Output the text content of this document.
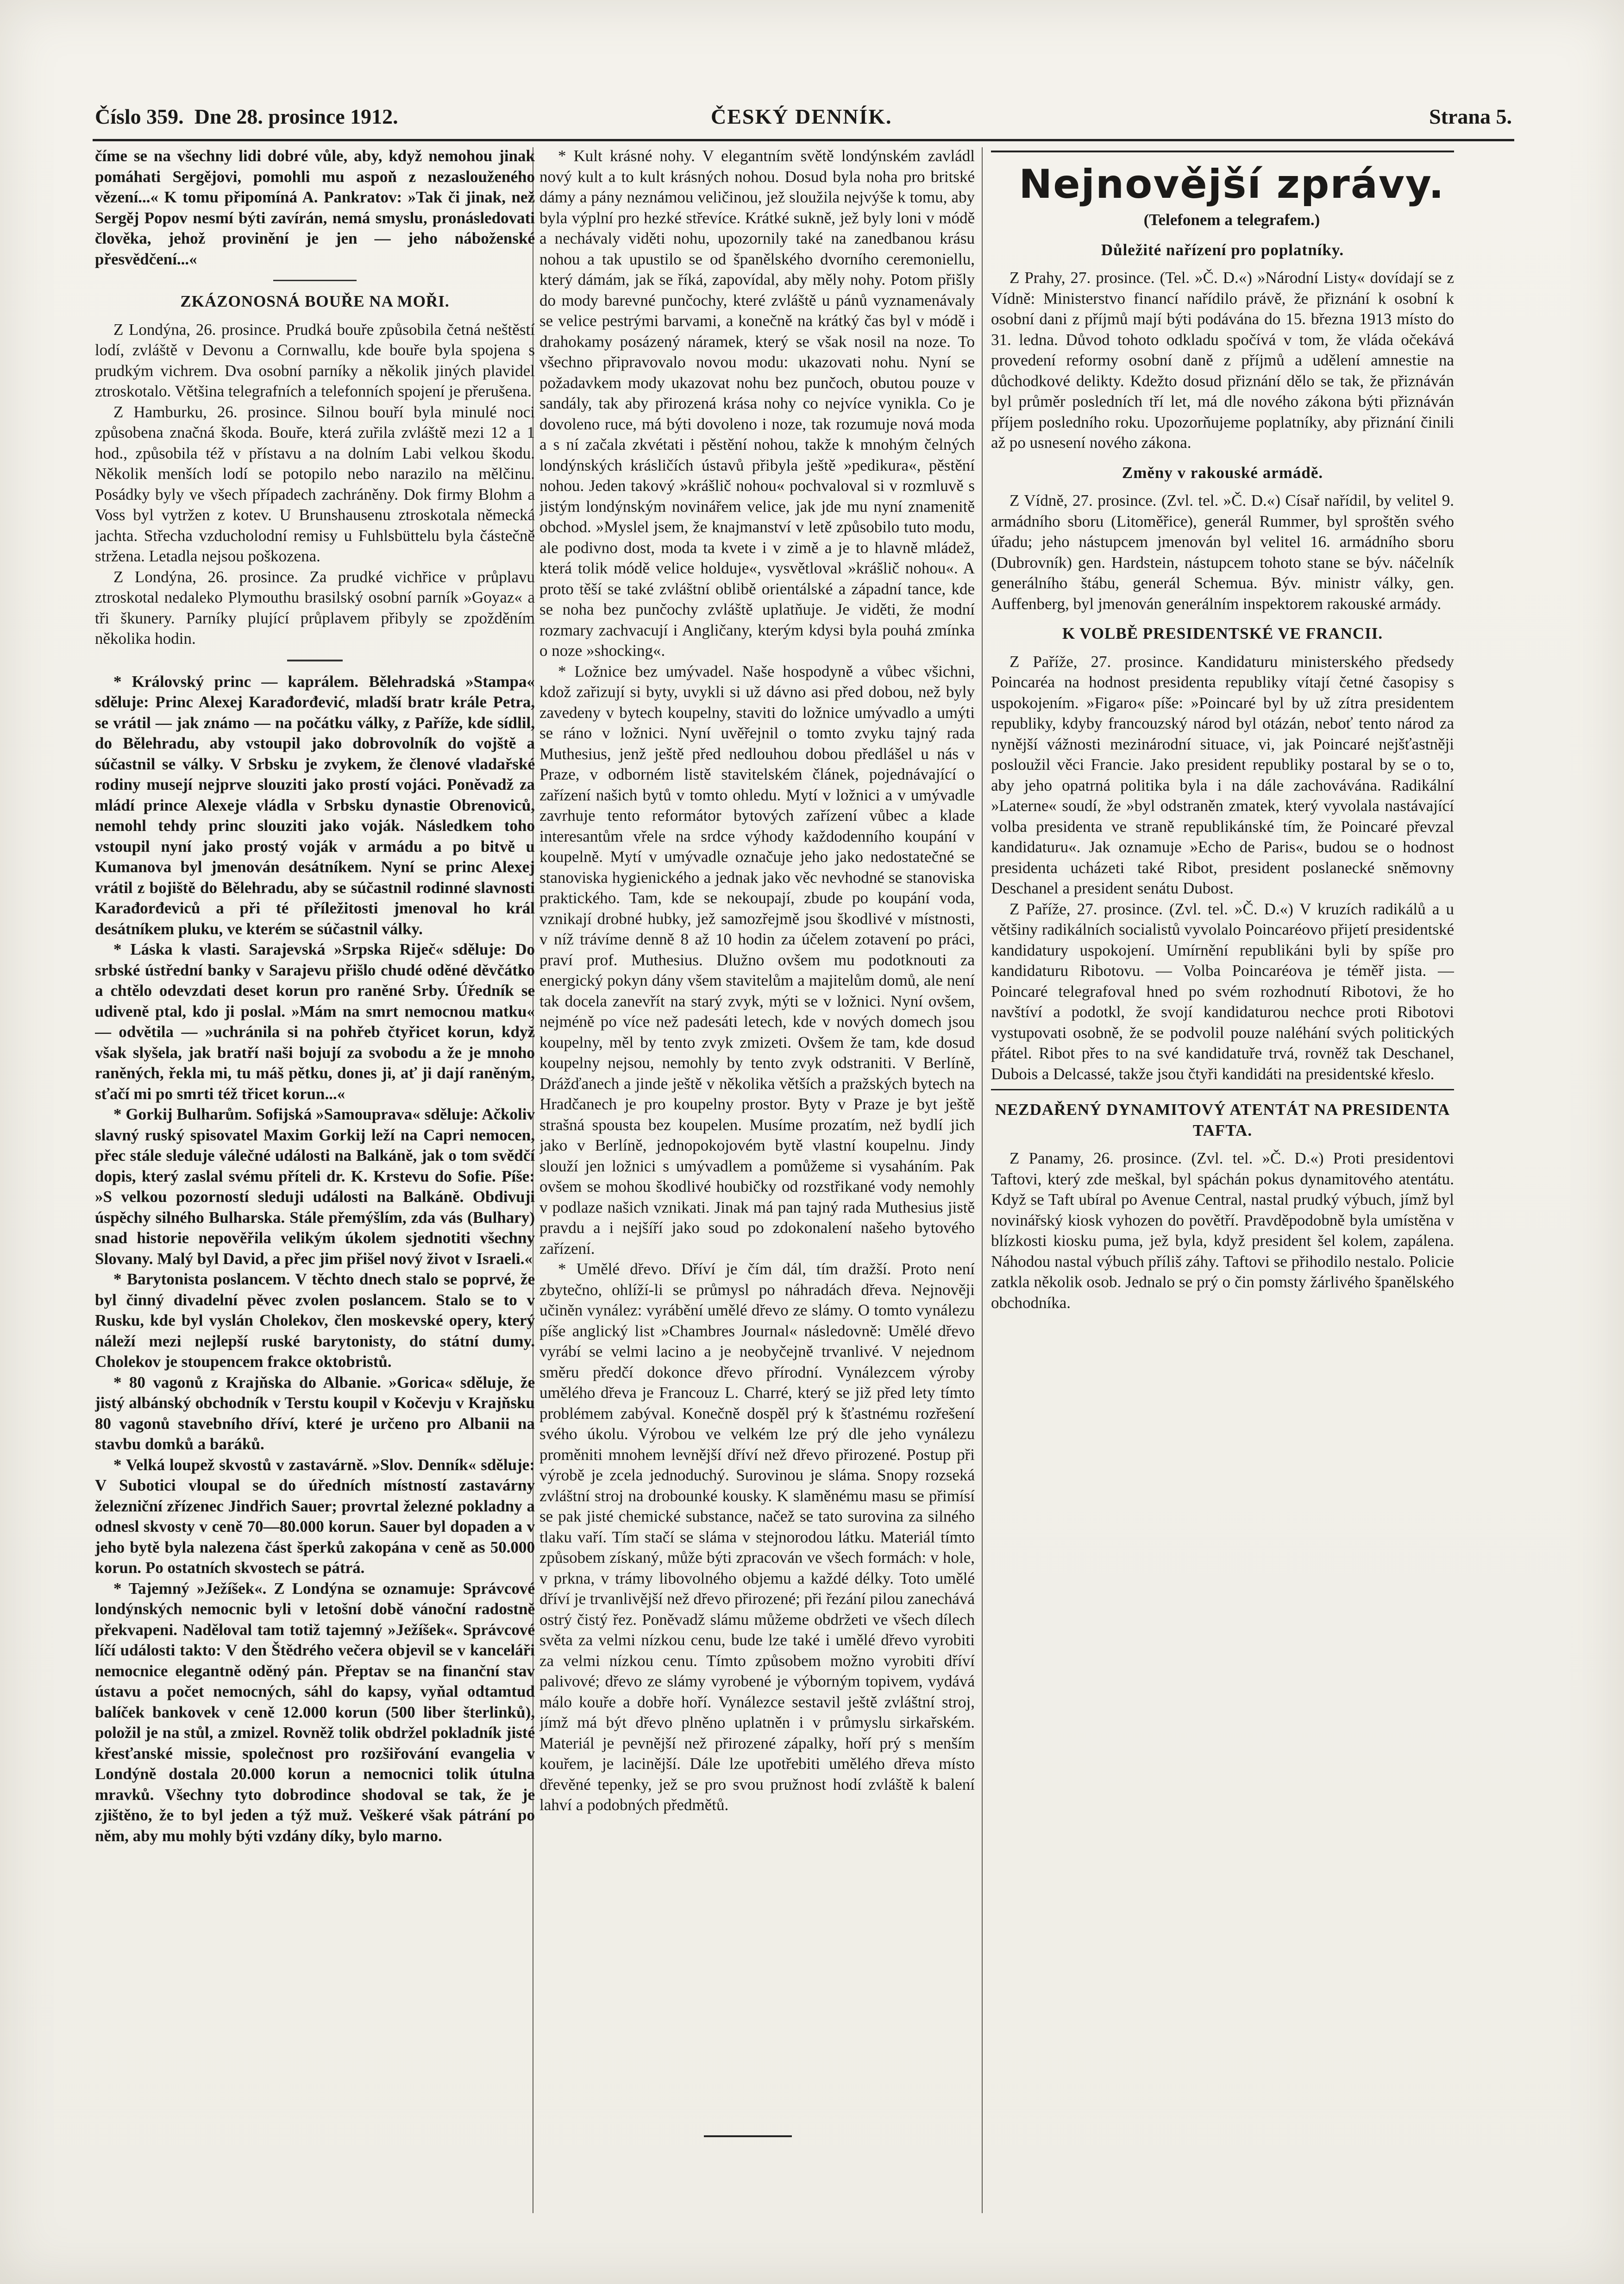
Číslo 359. Dne 28. prosince 1912.	ČESKÝ DENNÍK.	Strana 5.

číme se na všechny lidi dobré vůle, aby, když nemohou jinak pomáhati Sergějovi, pomohli mu aspoň z nezaslouženého vězení...« K tomu připomíná A. Pankratov: »Tak či jinak, než Sergěj Popov nesmí býti zavírán, nemá smyslu, pronásledovati člověka, jehož provinění je jen — jeho náboženské přesvědčení...«

ZKÁZONOSNÁ BOUŘE NA MOŘI.

Z Londýna, 26. prosince. Prudká bouře způsobila četná neštěstí lodí, zvláště v Devonu a Cornwallu, kde bouře byla spojena s prudkým vichrem. Dva osobní parníky a několik jiných plavidel ztroskotalo. Většina telegrafních a telefonních spojení je přerušena.

Z Hamburku, 26. prosince. Silnou bouří byla minulé noci způsobena značná škoda. Bouře, která zuřila zvláště mezi 12 a 1 hod., způsobila též v přístavu a na dolním Labi velkou škodu. Několik menších lodí se potopilo nebo narazilo na mělčinu. Posádky byly ve všech případech zachráněny. Dok firmy Blohm a Voss byl vytržen z kotev. U Brunshausenu ztroskotala německá jachta. Střecha vzducholodní remisy u Fuhlsbüttelu byla částečně stržena. Letadla nejsou poškozena.

Z Londýna, 26. prosince. Za prudké vichřice v průplavu ztroskotal nedaleko Plymouthu brasilský osobní parník »Goyaz« a tři škunery. Parníky plující průplavem přibyly se zpožděním několika hodin.

* Královský princ — kaprálem. Bělehradská »Stampa« sděluje: Princ Alexej Karađorđević, mladší bratr krále Petra, se vrátil — jak známo — na počátku války, z Paříže, kde sídlil, do Bělehradu, aby vstoupil jako dobrovolník do vojště a súčastnil se války. V Srbsku je zvykem, že členové vladařské rodiny musejí nejprve slouziti jako prostí vojáci. Poněvadž za mládí prince Alexeje vládla v Srbsku dynastie Obrenoviců, nemohl tehdy princ slouziti jako voják. Následkem toho vstoupil nyní jako prostý voják v armádu a po bitvě u Kumanova byl jmenován desátníkem. Nyní se princ Alexej vrátil z bojiště do Bělehradu, aby se súčastnil rodinné slavnosti Karađorđeviců a při té příležitosti jmenoval ho král desátníkem pluku, ve kterém se súčastnil války.

* Láska k vlasti. Sarajevská »Srpska Riječ« sděluje: Do srbské ústřední banky v Sarajevu přišlo chudé oděné děvčátko a chtělo odevzdati deset korun pro raněné Srby. Úředník se udiveně ptal, kdo ji poslal. »Mám na smrt nemocnou matku« — odvětila — »uchránila si na pohřeb čtyřicet korun, když však slyšela, jak bratří naši bojují za svobodu a že je mnoho raněných, řekla mi, tu máš pětku, dones ji, ať ji dají raněným, sťačí mi po smrti též třicet korun...«

* Gorkij Bulharům. Sofijská »Samouprava« sděluje: Ačkoliv slavný ruský spisovatel Maxim Gorkij leží na Capri nemocen, přec stále sleduje válečné události na Balkáně, jak o tom svědčí dopis, který zaslal svému příteli dr. K. Krstevu do Sofie. Píše: »S velkou pozorností sleduji události na Balkáně. Obdivuji úspěchy silného Bulharska. Stále přemýšlím, zda vás (Bulhary) snad historie nepověřila velikým úkolem sjednotiti všechny Slovany. Malý byl David, a přec jim přišel nový život v Israeli.«

* Barytonista poslancem. V těchto dnech stalo se poprvé, že byl činný divadelní pěvec zvolen poslancem. Stalo se to v Rusku, kde byl vyslán Cholekov, člen moskevské opery, který náleží mezi nejlepší ruské barytonisty, do státní dumy. Cholekov je stoupencem frakce oktobristů.

* 80 vagonů z Krajňska do Albanie. »Gorica« sděluje, že jistý albánský obchodník v Terstu koupil v Kočevju v Krajňsku 80 vagonů stavebního dříví, které je určeno pro Albanii na stavbu domků a baráků.

* Velká loupež skvostů v zastavárně. »Slov. Denník« sděluje: V Subotici vloupal se do úředních místností zastavárny železniční zřízenec Jindřich Sauer; provrtal železné pokladny a odnesl skvosty v ceně 70—80.000 korun. Sauer byl dopaden a v jeho bytě byla nalezena část šperků zakopána v ceně as 50.000 korun. Po ostatních skvostech se pátrá.

* Tajemný »Ježíšek«. Z Londýna se oznamuje: Správcové londýnských nemocnic byli v letošní době vánoční radostně překvapeni. Naděloval tam totiž tajemný »Ježíšek«. Správcové líčí události takto: V den Štědrého večera objevil se v kanceláři nemocnice elegantně oděný pán. Přeptav se na finanční stav ústavu a počet nemocných, sáhl do kapsy, vyňal odtamtud balíček bankovek v ceně 12.000 korun (500 liber šterlinků), položil je na stůl, a zmizel. Rovněž tolik obdržel pokladník jisté křesťanské missie, společnost pro rozšiřování evangelia v Londýně dostala 20.000 korun a nemocnici tolik útulna mravků. Všechny tyto dobrodince shodoval se tak, že je zjištěno, že to byl jeden a týž muž. Veškeré však pátrání po něm, aby mu mohly býti vzdány díky, bylo marno.

* Kult krásné nohy. V elegantním světě londýnském zavládl nový kult a to kult krásných nohou. Dosud byla noha pro britské dámy a pány neznámou veličinou, jež sloužila nejvýše k tomu, aby byla výplní pro hezké střevíce. Krátké sukně, jež byly loni v módě a nechávaly viděti nohu, upozornily také na zanedbanou krásu nohou a tak upustilo se od španělského dvorního ceremoniellu, který dámám, jak se říká, zapovídal, aby měly nohy. Potom přišly do mody barevné punčochy, které zvláště u pánů vyznamenávaly se velice pestrými barvami, a konečně na krátký čas byl v módě i drahokamy posázený náramek, který se však nosil na noze. To všechno připravovalo novou modu: ukazovati nohu. Nyní se požadavkem mody ukazovat nohu bez punčoch, obutou pouze v sandály, tak aby přirozená krása nohy co nejvíce vynikla. Co je dovoleno ruce, má býti dovoleno i noze, tak rozumuje nová moda a s ní začala zkvétati i pěstění nohou, takže k mnohým čelných londýnských krásličích ústavů přibyla ještě »pedikura«, pěstění nohou. Jeden takový »krášlič nohou« pochvaloval si v rozmluvě s jistým londýnským novinářem velice, jak jde mu nyní znamenitě obchod. »Myslel jsem, že knajmanství v letě způsobilo tuto modu, ale podivno dost, moda ta kvete i v zimě a je to hlavně mládež, která tolik módě velice holduje«, vysvětloval »krášlič nohou«. A proto těší se také zvláštní oblibě orientálské a západní tance, kde se noha bez punčochy zvláště uplatňuje. Je viděti, že modní rozmary zachvacují i Angličany, kterým kdysi byla pouhá zmínka o noze »shocking«.

* Ložnice bez umývadel. Naše hospodyně a vůbec všichni, kdož zařizují si byty, uvykli si už dávno asi před dobou, než byly zavedeny v bytech koupelny, staviti do ložnice umývadlo a umýti se ráno v ložnici. Nyní uvěřejnil o tomto zvyku tajný rada Muthesius, jenž ještě před nedlouhou dobou předlášel u nás v Praze, v odborném listě stavitelském článek, pojednávající o zařízení našich bytů v tomto ohledu. Mytí v ložnici a v umývadle zavrhuje tento reformátor bytových zařízení vůbec a klade interesantům vřele na srdce výhody každodenního koupání v koupelně. Mytí v umývadle označuje jeho jako nedostatečné se stanoviska hygienického a jednak jako věc nevhodné se stanoviska praktického. Tam, kde se nekoupají, zbude po koupání voda, vznikají drobné hubky, jež samozřejmě jsou škodlivé v místnosti, v níž trávíme denně 8 až 10 hodin za účelem zotavení po práci, praví prof. Muthesius. Dlužno ovšem mu podotknouti za energický pokyn dány všem stavitelům a majitelům domů, ale není tak docela zanevřít na starý zvyk, mýti se v ložnici. Nyní ovšem, nejméně po více než padesáti letech, kde v nových domech jsou koupelny, měl by tento zvyk zmizeti. Ovšem že tam, kde dosud koupelny nejsou, nemohly by tento zvyk odstraniti. V Berlíně, Drážďanech a jinde ještě v několika větších a pražských bytech na Hradčanech je pro koupelny prostor. Byty v Praze je byt ještě strašná spousta bez koupelen. Musíme prozatím, než bydlí jich jako v Berlíně, jednopokojovém bytě vlastní koupelnu. Jindy slouží jen ložnici s umývadlem a pomůžeme si vysaháním. Pak ovšem se mohou škodlivé houbičky od rozstřikané vody nemohly v podlaze našich vznikati. Jinak má pan tajný rada Muthesius jistě pravdu a i nejšíří jako soud po zdokonalení našeho bytového zařízení.

* Umělé dřevo. Dříví je čím dál, tím dražší. Proto není zbytečno, ohlíží-li se průmysl po náhradách dřeva. Nejnověji učiněn vynález: vyrábění umělé dřevo ze slámy. O tomto vynálezu píše anglický list »Chambres Journal« následovně: Umělé dřevo vyrábí se velmi lacino a je neobyčejně trvanlivé. V nejednom směru předčí dokonce dřevo přírodní. Vynálezcem výroby umělého dřeva je Francouz L. Charré, který se již před lety tímto problémem zabýval. Konečně dospěl prý k šťastnému rozřešení svého úkolu. Výrobou ve velkém lze prý dle jeho vynálezu proměniti mnohem levnější dříví než dřevo přirozené. Postup při výrobě je zcela jednoduchý. Surovinou je sláma. Snopy rozseká zvláštní stroj na drobounké kousky. K slaměnému masu se přimísí se pak jisté chemické substance, načež se tato surovina za silného tlaku vaří. Tím stačí se sláma v stejnorodou látku. Materiál tímto způsobem získaný, může býti zpracován ve všech formách: v hole, v prkna, v trámy libovolného objemu a každé délky. Toto umělé dříví je trvanlivější než dřevo přirozené; při řezání pilou zanechává ostrý čistý řez. Poněvadž slámu můžeme obdržeti ve všech dílech světa za velmi nízkou cenu, bude lze také i umělé dřevo vyrobiti za velmi nízkou cenu. Tímto způsobem možno vyrobiti dříví palivové; dřevo ze slámy vyrobené je výborným topivem, vydává málo kouře a dobře hoří. Vynálezce sestavil ještě zvláštní stroj, jímž má být dřevo plněno uplatněn i v průmyslu sirkařském. Materiál je pevnější než přirozené zápalky, hoří prý s menším kouřem, je lacinější. Dále lze upotřebiti umělého dřeva místo dřevěné tepenky, jež se pro svou pružnost hodí zvláště k balení lahví a podobných předmětů.

Nejnovější zprávy.

(Telefonem a telegrafem.)

Důležité nařízení pro poplatníky.

Z Prahy, 27. prosince. (Tel. »Č. D.«) »Národní Listy« dovídají se z Vídně: Ministerstvo financí nařídilo právě, že přiznání k osobní k osobní dani z příjmů mají býti podávána do 15. března 1913 místo do 31. ledna. Důvod tohoto odkladu spočívá v tom, že vláda očekává provedení reformy osobní daně z příjmů a udělení amnestie na důchodkové delikty. Kdežto dosud přiznání dělo se tak, že přiznáván byl průměr posledních tří let, má dle nového zákona býti přiznáván příjem posledního roku. Upozorňujeme poplatníky, aby přiznání činili až po usnesení nového zákona.

Změny v rakouské armádě.

Z Vídně, 27. prosince. (Zvl. tel. »Č. D.«) Císař nařídil, by velitel 9. armádního sboru (Litoměřice), generál Rummer, byl sproštěn svého úřadu; jeho nástupcem jmenován byl velitel 16. armádního sboru (Dubrovník) gen. Hardstein, nástupcem tohoto stane se býv. náčelník generálního štábu, generál Schemua. Býv. ministr války, gen. Auffenberg, byl jmenován generálním inspektorem rakouské armády.

K VOLBĚ PRESIDENTSKÉ VE FRANCII.

Z Paříže, 27. prosince. Kandidaturu ministerského předsedy Poincaréa na hodnost presidenta republiky vítají četné časopisy s uspokojením. »Figaro« píše: »Poincaré byl by už zítra presidentem republiky, kdyby francouzský národ byl otázán, neboť tento národ za nynější vážnosti mezinárodní situace, vi, jak Poincaré nejšťastněji posloužil věci Francie. Jako president republiky postaral by se o to, aby jeho opatrná politika byla i na dále zachovávána. Radikální »Laterne« soudí, že »byl odstraněn zmatek, který vyvolala nastávající volba presidenta ve straně republikánské tím, že Poincaré převzal kandidaturu«. Jak oznamuje »Echo de Paris«, budou se o hodnost presidenta ucházeti také Ribot, president poslanecké sněmovny Deschanel a president senátu Dubost.

Z Paříže, 27. prosince. (Zvl. tel. »Č. D.«) V kruzích radikálů a u většiny radikálních socialistů vyvolalo Poincaréovo přijetí presidentské kandidatury uspokojení. Umírnění republikáni byli by spíše pro kandidaturu Ribotovu. — Volba Poincaréova je téměř jista. — Poincaré telegrafoval hned po svém rozhodnutí Ribotovi, že ho navštíví a podotkl, že svojí kandidaturou nechce proti Ribotovi vystupovati osobně, že se podvolil pouze naléhání svých politických přátel. Ribot přes to na své kandidatuře trvá, rovněž tak Deschanel, Dubois a Delcassé, takže jsou čtyři kandidáti na presidentské křeslo.

NEZDAŘENÝ DYNAMITOVÝ ATENTÁT NA PRESIDENTA TAFTA.

Z Panamy, 26. prosince. (Zvl. tel. »Č. D.«) Proti presidentovi Taftovi, který zde meškal, byl spáchán pokus dynamitového atentátu. Když se Taft ubíral po Avenue Central, nastal prudký výbuch, jímž byl novinářský kiosk vyhozen do povětří. Pravděpodobně byla umístěna v blízkosti kiosku puma, jež byla, když president šel kolem, zapálena. Náhodou nastal výbuch příliš záhy. Taftovi se přihodilo nestalo. Policie zatkla několik osob. Jednalo se prý o čin pomsty žárlivého španělského obchodníka.
